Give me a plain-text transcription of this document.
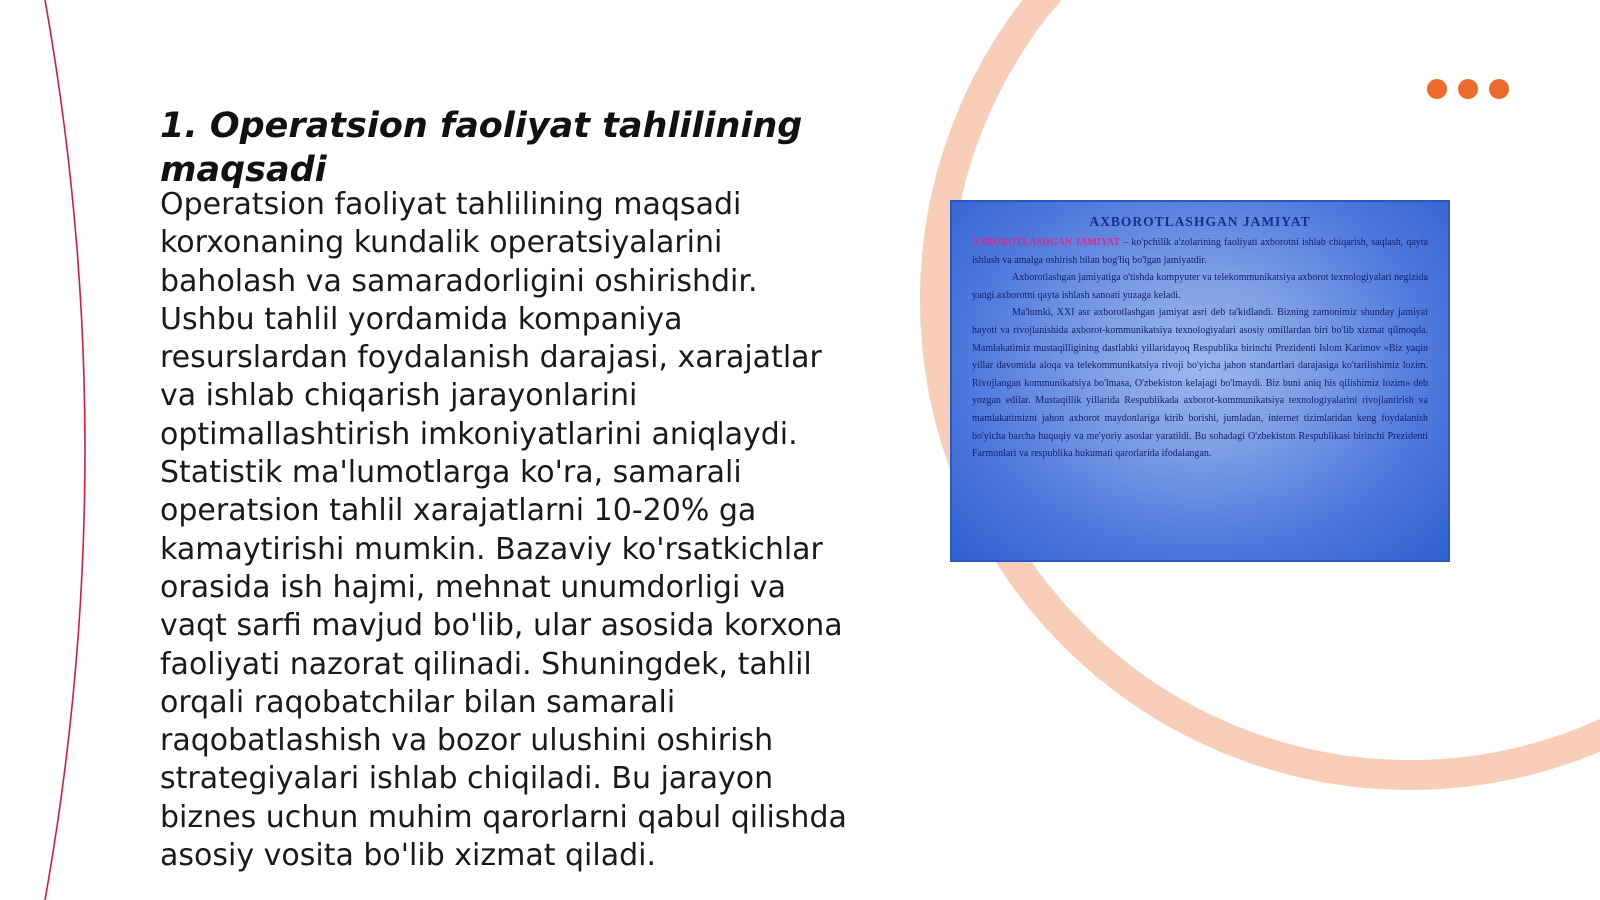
1. Operatsion faoliyat tahlilining maqsadi

Operatsion faoliyat tahlilining maqsadi korxonaning kundalik operatsiyalarini baholash va samaradorligini oshirishdir. Ushbu tahlil yordamida kompaniya resurslardan foydalanish darajasi, xarajatlar va ishlab chiqarish jarayonlarini optimallashtirish imkoniyatlarini aniqlaydi. Statistik ma'lumotlarga ko'ra, samarali operatsion tahlil xarajatlarni 10-20% ga kamaytirishi mumkin. Bazaviy ko'rsatkichlar orasida ish hajmi, mehnat unumdorligi va vaqt sarfi mavjud bo'lib, ular asosida korxona faoliyati nazorat qilinadi. Shuningdek, tahlil orqali raqobatchilar bilan samarali raqobatlashish va bozor ulushini oshirish strategiyalari ishlab chiqiladi. Bu jarayon biznes uchun muhim qarorlarni qabul qilishda asosiy vosita bo'lib xizmat qiladi.

AXBOROTLASHGAN JAMIYAT

AXBOROTLASHGAN JAMIYAT – ko'pchilik a'zolarining faoliyati axborotni ishlab chiqarish, saqlash, qayta ishlash va amalga oshirish bilan bog'liq bo'lgan jamiyatdir.

Axborotlashgan jamiyatiga o'tishda kompyuter va telekommunikatsiya axborot texnologiyalari negizida yangi axborotni qayta ishlash sanoati yuzaga keladi.

Ma'lumki, XXI asr axborotlashgan jamiyat asri deb ta'kidlandi. Bizning zamonimiz shunday jamiyat hayoti va rivojlanishida axborot-kommunikatsiya texnologiyalari asosiy omillardan biri bo'lib xizmat qilmoqda. Mamlakatimiz mustaqilligining dastlabki yillaridayoq Respublika birinchi Prezidenti Islom Karimov «Biz yaqin yillar davomida aloqa va telekommunikatsiya rivoji bo'yicha jahon standartlari darajasiga ko'tarilishimiz lozim. Rivojlangan kommunikatsiya bo'lmasa, O'zbekiston kelajagi bo'lmaydi. Biz buni aniq his qilishimiz lozim» deb yozgan edilar. Mustaqillik yillarida Respublikada axborot-kommunikatsiya texnologiyalarini rivojlantirish va mamlakatimizni jahon axborot maydonlariga kirib borishi, jumladan, internet tizimlaridan keng foydalanish bo'yicha barcha huquqiy va me'yoriy asoslar yaratildi. Bu sohadagi O'zbekiston Respublikasi birinchi Prezidenti Farmonlari va respublika hukumati qarorlarida ifodalangan.
